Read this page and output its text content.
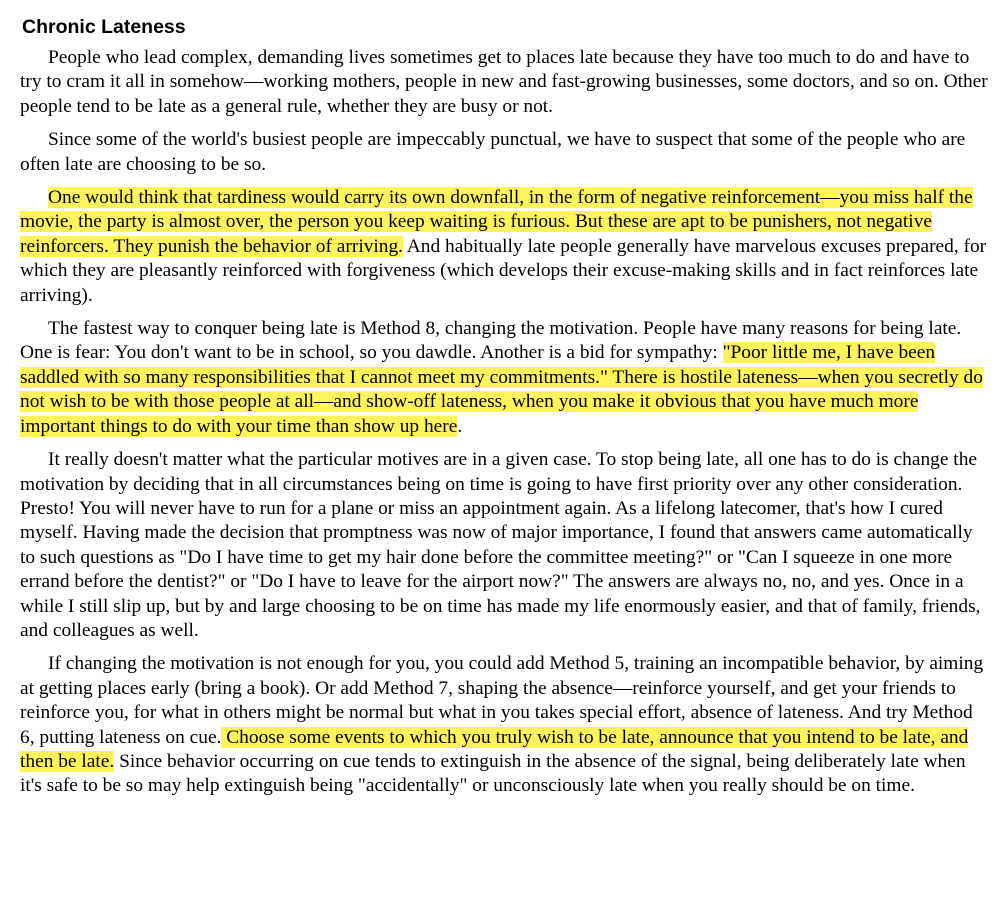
Chronic Lateness

People who lead complex, demanding lives sometimes get to places late because they have too much to do and have to try to cram it all in somehow—working mothers, people in new and fast-growing businesses, some doctors, and so on. Other people tend to be late as a general rule, whether they are busy or not.

Since some of the world's busiest people are impeccably punctual, we have to suspect that some of the people who are often late are choosing to be so.

One would think that tardiness would carry its own downfall, in the form of negative reinforcement—you miss half the movie, the party is almost over, the person you keep waiting is furious. But these are apt to be punishers, not negative reinforcers. They punish the behavior of arriving. And habitually late people generally have marvelous excuses prepared, for which they are pleasantly reinforced with forgiveness (which develops their excuse-making skills and in fact reinforces late arriving).

The fastest way to conquer being late is Method 8, changing the motivation. People have many reasons for being late. One is fear: You don't want to be in school, so you dawdle. Another is a bid for sympathy: "Poor little me, I have been saddled with so many responsibilities that I cannot meet my commitments." There is hostile lateness—when you secretly do not wish to be with those people at all—and show-off lateness, when you make it obvious that you have much more important things to do with your time than show up here.

It really doesn't matter what the particular motives are in a given case. To stop being late, all one has to do is change the motivation by deciding that in all circumstances being on time is going to have first priority over any other consideration. Presto! You will never have to run for a plane or miss an appointment again. As a lifelong latecomer, that's how I cured myself. Having made the decision that promptness was now of major importance, I found that answers came automatically to such questions as "Do I have time to get my hair done before the committee meeting?" or "Can I squeeze in one more errand before the dentist?" or "Do I have to leave for the airport now?" The answers are always no, no, and yes. Once in a while I still slip up, but by and large choosing to be on time has made my life enormously easier, and that of family, friends, and colleagues as well.

If changing the motivation is not enough for you, you could add Method 5, training an incompatible behavior, by aiming at getting places early (bring a book). Or add Method 7, shaping the absence—reinforce yourself, and get your friends to reinforce you, for what in others might be normal but what in you takes special effort, absence of lateness. And try Method 6, putting lateness on cue. Choose some events to which you truly wish to be late, announce that you intend to be late, and then be late. Since behavior occurring on cue tends to extinguish in the absence of the signal, being deliberately late when it's safe to be so may help extinguish being "accidentally" or unconsciously late when you really should be on time.
